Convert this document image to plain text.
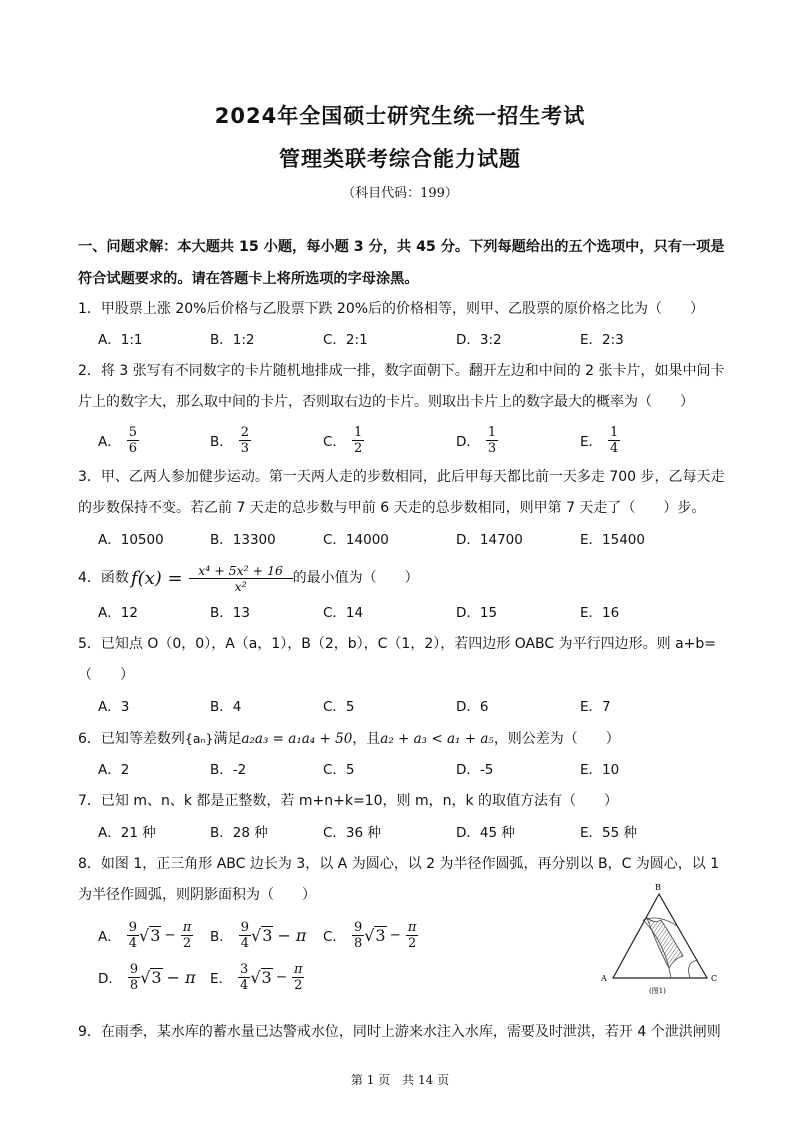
2024年全国硕士研究生统一招生考试
管理类联考综合能力试题
（科目代码：199）
一、问题求解：本大题共 15 小题，每小题 3 分，共 45 分。下列每题给出的五个选项中，只有一项是符合试题要求的。请在答题卡上将所选项的字母涂黑。
1．甲股票上涨 20%后价格与乙股票下跌 20%后的价格相等，则甲、乙股票的原价格之比为（　　）
A．1:1	B．1:2	C．2:1	D．3:2	E．2:3
2．将 3 张写有不同数字的卡片随机地排成一排，数字面朝下。翻开左边和中间的 2 张卡片，如果中间卡片上的数字大，那么取中间的卡片，否则取右边的卡片。则取出卡片上的数字最大的概率为（　　）
A． $\frac{5}{6}$	B． $\frac{2}{3}$	C． $\frac{1}{2}$	D． $\frac{1}{3}$	E． $\frac{1}{4}$
3．甲、乙两人参加健步运动。第一天两人走的步数相同，此后甲每天都比前一天多走 700 步，乙每天走的步数保持不变。若乙前 7 天走的总步数与甲前 6 天走的总步数相同，则甲第 7 天走了（　　）步。
A．10500	B．13300	C．14000	D．14700	E．15400
4．函数 $f(x) = \frac{\text{x⁴ + 5x² + 16}}{\text{x²}}$ 的最小值为（　　）
A．12	B．13	C．14	D．15	E．16
5．已知点 O（0，0），A（a，1），B（2，b），C（1，2），若四边形 OABC 为平行四边形。则 a+b=（　　）
A．3	B．4	C．5	D．6	E．7
6．已知等差数列{aₙ}满足a₂a₃ = a₁a₄ + 50，且a₂ + a₃ < a₁ + a₅，则公差为（　　）
A．2	B．-2	C．5	D．-5	E．10
7．已知 m、n、k 都是正整数，若 m+n+k=10，则 m，n，k 的取值方法有（　　）
A．21 种	B．28 种	C．36 种	D．45 种	E．55 种
8．如图 1，正三角形 ABC 边长为 3，以 A 为圆心，以 2 为半径作圆弧，再分别以 B，C 为圆心，以 1 为半径作圆弧，则阴影面积为（　　）
A． $\frac{9}{4}$ √ $3 - \frac{\pi}{2}$ B． $\frac{9}{4}$ √ 3 − π C． $\frac{9}{8}$ √ $3 - \frac{\pi}{2}$
D． $\frac{9}{8}$ √ 3 − π E． $\frac{3}{4}$ √ $3 - \frac{\pi}{2}$
B
A	C
(图1)
9．在雨季，某水库的蓄水量已达警戒水位，同时上游来水注入水库，需要及时泄洪，若开 4 个泄洪闸则
第 1 页　共 14 页
